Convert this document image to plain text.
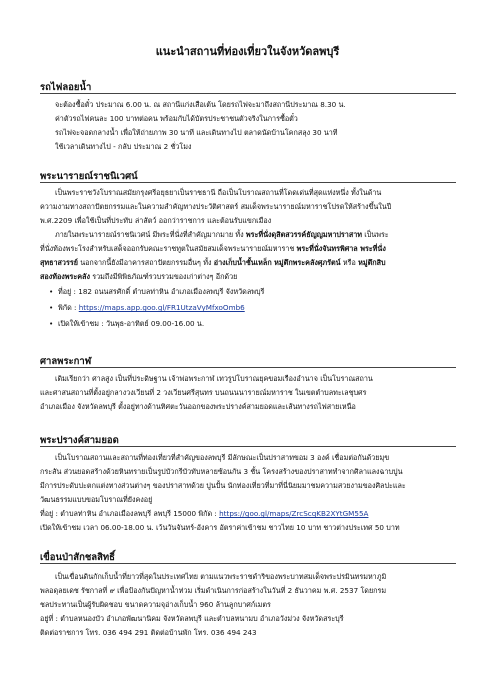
แนะนำสถานที่ท่องเที่ยวในจังหวัดลพบุรี
รถไฟลอยน้ำ
จะต้องซื้อตั๋ว ประมาณ 6.00 น. ณ สถานีแก่งเสือเต้น โดยรถไฟจะมาถึงสถานีประมาณ 8.30 น.
ค่าตัวรถไฟคนละ 100 บาทต่อคน พร้อมกับได้บัตรประชาชนตัวจริงในการซื้อตั๋ว
รถไฟจะจอดกลางน้ำ เพื่อให้ถ่ายภาพ 30 นาที และเดินทางไป ตลาดนัดบ้านโคกสลุง 30 นาที
ใช้เวลาเดินทางไป - กลับ ประมาณ 2 ชั่วโมง
พระนารายณ์ราชนิเวศน์
เป็นพระราชวังโบราณสมัยกรุงศรีอยุธยาเป็นราชธานี ถือเป็นโบราณสถานที่โดดเด่นที่สุดแห่งหนึ่ง ทั้งในด้าน
ความงามทางสถาปัตยกรรมและในความสำคัญทางประวัติศาสตร์ สมเด็จพระนารายณ์มหาราชโปรดให้สร้างขึ้นในปี
พ.ศ.2209 เพื่อใช้เป็นที่ประทับ ล่าสัตว์ ออกว่าราชการ และต้อนรับแขกเมือง
ภายในพระนารายณ์ราชนิเวศน์ มีพระที่นั่งที่สำคัญมากมาย ทั้ง พระที่นั่งดุสิตสวรรค์ธัญญมหาปราสาท เป็นพระ
ที่นั่งท้องพระโรงสำหรับเสด็จออกรับคณะราชทูตในสมัยสมเด็จพระนารายณ์มหาราช พระที่นั่งจันทรพิศาล พระที่นั่ง
สุทธาสวรรย์ นอกจากนี้ยังมีอาคารสถาปัตยกรรมอื่นๆ ทั้ง อ่างเก็บน้ำชั้นเหล็ก หมู่ตึกพระคลังศุภรัตน์ หรือ หมู่ตึกสิบ
สองท้องพระคลัง รวมถึงมีพิพิธภัณฑ์รวบรวมของเก่าต่างๆ อีกด้วย
• ที่อยู่ : 182 ถนนสรศักดิ์ ตำบลท่าหิน อำเภอเมืองลพบุรี จังหวัดลพบุรี
• พิกัด : https://maps.app.goo.gl/FR1UtzaVyMfxoOmb6
• เปิดให้เข้าชม : วันพุธ-อาทิตย์ 09.00-16.00 น.
ศาลพระกาฬ
เดิมเรียกว่า ศาลสูง เป็นที่ประดิษฐาน เจ้าพ่อพระกาฬ เทวรูปโบราณยุคขอมเรืองอำนาจ เป็นโบราณสถาน
และศาสนสถานที่ตั้งอยู่กลางวงเวียนที่ 2 วงเวียนศรีสุนทร บนถนนนารายณ์มหาราช ในเขตตำบลทะเลชุบศร
อำเภอเมือง จังหวัดลพบุรี ตั้งอยู่ทางด้านทิศตะวันออกของพระปรางค์สามยอดและเส้นทางรถไฟสายเหนือ
พระปรางค์สามยอด
เป็นโบราณสถานและสถานที่ท่องเที่ยวที่สำคัญของลพบุรี มีลักษณะเป็นปราสาทขอม 3 องค์ เชื่อมต่อกันด้วยมุข
กระสัน ส่วนยอดสร้างด้วยหินทรายเป็นรูปบัวกรีบัวทับหลายซ้อนกัน 3 ชั้น โครงสร้างของปราสาททำจากศิลาแลงฉาบปูน
มีการประดับปะตกแต่งทางส่วนต่างๆ ของปราสาทด้วย ปูนปั้น นักท่องเที่ยวที่มาที่นี่นิยมมาชมความสวยงามของศิลปะและ
วัฒนธรรมแบบขอมโบราณที่ยังคงอยู่
ที่อยู่ : ตำบลท่าหิน อำเภอเมืองลพบุรี ลพบุรี 15000 พิกัด : https://goo.gl/maps/ZrcScqKB2XYtGM55A
เปิดให้เข้าชม เวลา 06.00-18.00 น. เว้นวันจันทร์-อังคาร อัตราค่าเข้าชม ชาวไทย 10 บาท ชาวต่างประเทศ 50 บาท
เขื่อนป่าสักชลสิทธิ์
เป็นเขื่อนดินกักเก็บน้ำที่ยาวที่สุดในประเทศไทย ตามแนวพระราชดำริของพระบาทสมเด็จพระปรมินทรมหาภูมิ
พลอดุลยเดช รัชกาลที่ ๙ เพื่อป้องกันปัญหาน้ำท่วม เริ่มดำเนินการก่อสร้างในวันที่ 2 ธันวาคม พ.ศ. 2537 โดยกรม
ชลประทานเป็นผู้รับผิดชอบ ขนาดความจุอ่างเก็บน้ำ 960 ล้านลูกบาศก์เมตร
อยู่ที่ : ตำบลหนองบัว อำเภอพัฒนานิคม จังหวัดลพบุรี และตำบลหนามบ อำเภอวังม่วง จังหวัดสระบุรี
ติดต่อราชการ โทร. 036 494 291 ติดต่อบ้านพัก โทร. 036 494 243
